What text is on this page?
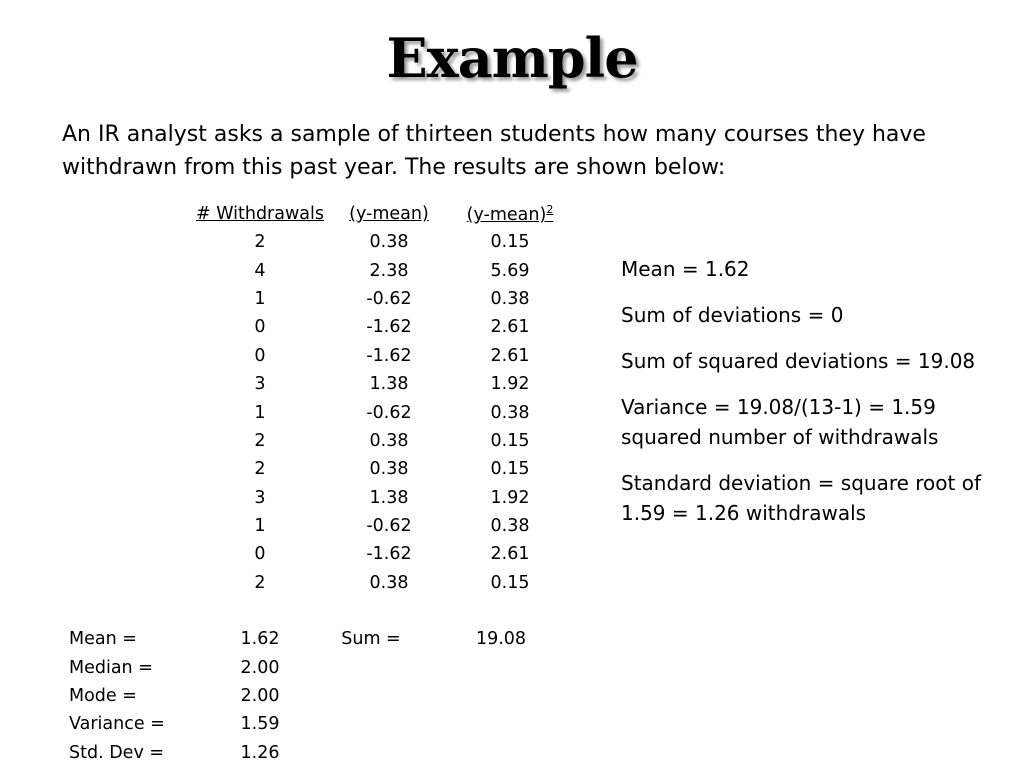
Example
An IR analyst asks a sample of thirteen students how many courses they have
withdrawn from this past year. The results are shown below:
# Withdrawals	(y-mean)	(y-mean)$^2$
2	0.38	0.15
4	2.38	5.69
1	-0.62	0.38
0	-1.62	2.61
0	-1.62	2.61
3	1.38	1.92
1	-0.62	0.38
2	0.38	0.15
2	0.38	0.15
3	1.38	1.92
1	-0.62	0.38
0	-1.62	2.61
2	0.38	0.15
Mean =	1.62	Sum =	19.08
Median =	2.00		
Mode =	2.00		
Variance =	1.59		
Std. Dev =	1.26		

Mean = 1.62

Sum of deviations = 0

Sum of squared deviations = 19.08

Variance = 19.08/(13-1) = 1.59
squared number of withdrawals

Standard deviation = square root of
1.59 = 1.26 withdrawals
